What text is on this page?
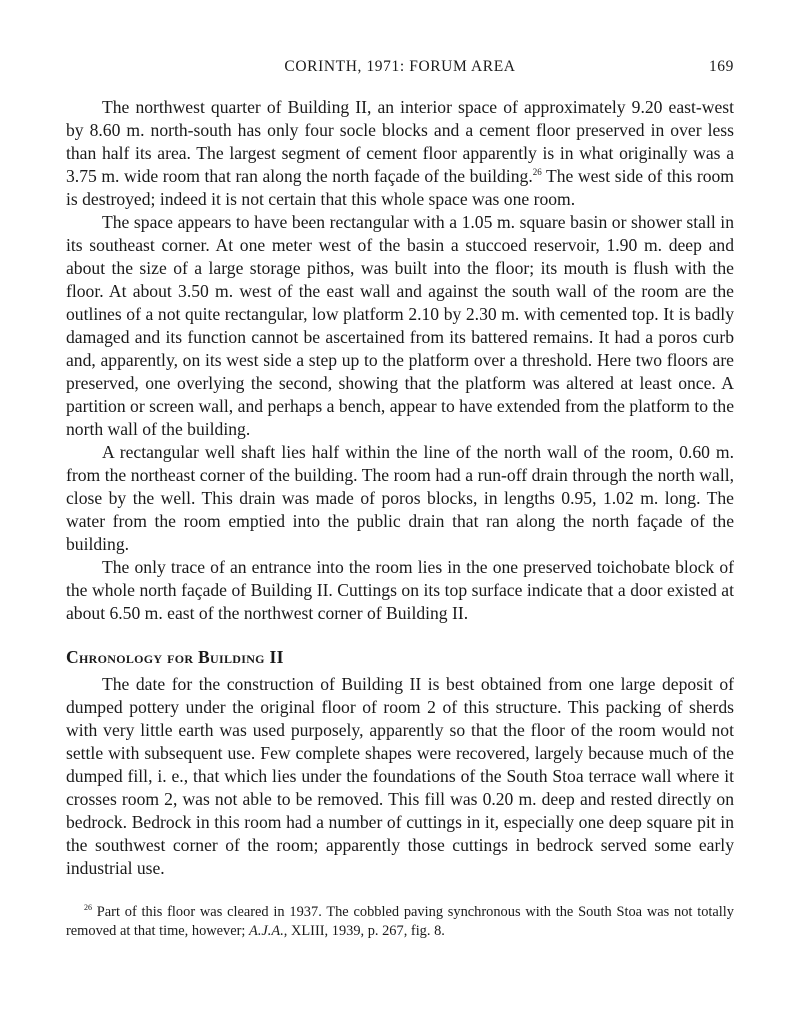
CORINTH, 1971: FORUM AREA	169

The northwest quarter of Building II, an interior space of approximately 9.20 east-west by 8.60 m. north-south has only four socle blocks and a cement floor preserved in over less than half its area. The largest segment of cement floor apparently is in what originally was a 3.75 m. wide room that ran along the north façade of the building.$^{26}$ The west side of this room is destroyed; indeed it is not certain that this whole space was one room.

The space appears to have been rectangular with a 1.05 m. square basin or shower stall in its southeast corner. At one meter west of the basin a stuccoed reservoir, 1.90 m. deep and about the size of a large storage pithos, was built into the floor; its mouth is flush with the floor. At about 3.50 m. west of the east wall and against the south wall of the room are the outlines of a not quite rectangular, low platform 2.10 by 2.30 m. with cemented top. It is badly damaged and its function cannot be ascertained from its battered remains. It had a poros curb and, apparently, on its west side a step up to the platform over a threshold. Here two floors are preserved, one overlying the second, showing that the platform was altered at least once. A partition or screen wall, and perhaps a bench, appear to have extended from the platform to the north wall of the building.

A rectangular well shaft lies half within the line of the north wall of the room, 0.60 m. from the northeast corner of the building. The room had a run-off drain through the north wall, close by the well. This drain was made of poros blocks, in lengths 0.95, 1.02 m. long. The water from the room emptied into the public drain that ran along the north façade of the building.

The only trace of an entrance into the room lies in the one preserved toichobate block of the whole north façade of Building II. Cuttings on its top surface indicate that a door existed at about 6.50 m. east of the northwest corner of Building II.

Chronology for Building II

The date for the construction of Building II is best obtained from one large deposit of dumped pottery under the original floor of room 2 of this structure. This packing of sherds with very little earth was used purposely, apparently so that the floor of the room would not settle with subsequent use. Few complete shapes were recovered, largely because much of the dumped fill, i. e., that which lies under the foundations of the South Stoa terrace wall where it crosses room 2, was not able to be removed. This fill was 0.20 m. deep and rested directly on bedrock. Bedrock in this room had a number of cuttings in it, especially one deep square pit in the southwest corner of the room; apparently those cuttings in bedrock served some early industrial use.

$^{26}$ Part of this floor was cleared in 1937. The cobbled paving synchronous with the South Stoa was not totally removed at that time, however; A.J.A., XLIII, 1939, p. 267, fig. 8.
